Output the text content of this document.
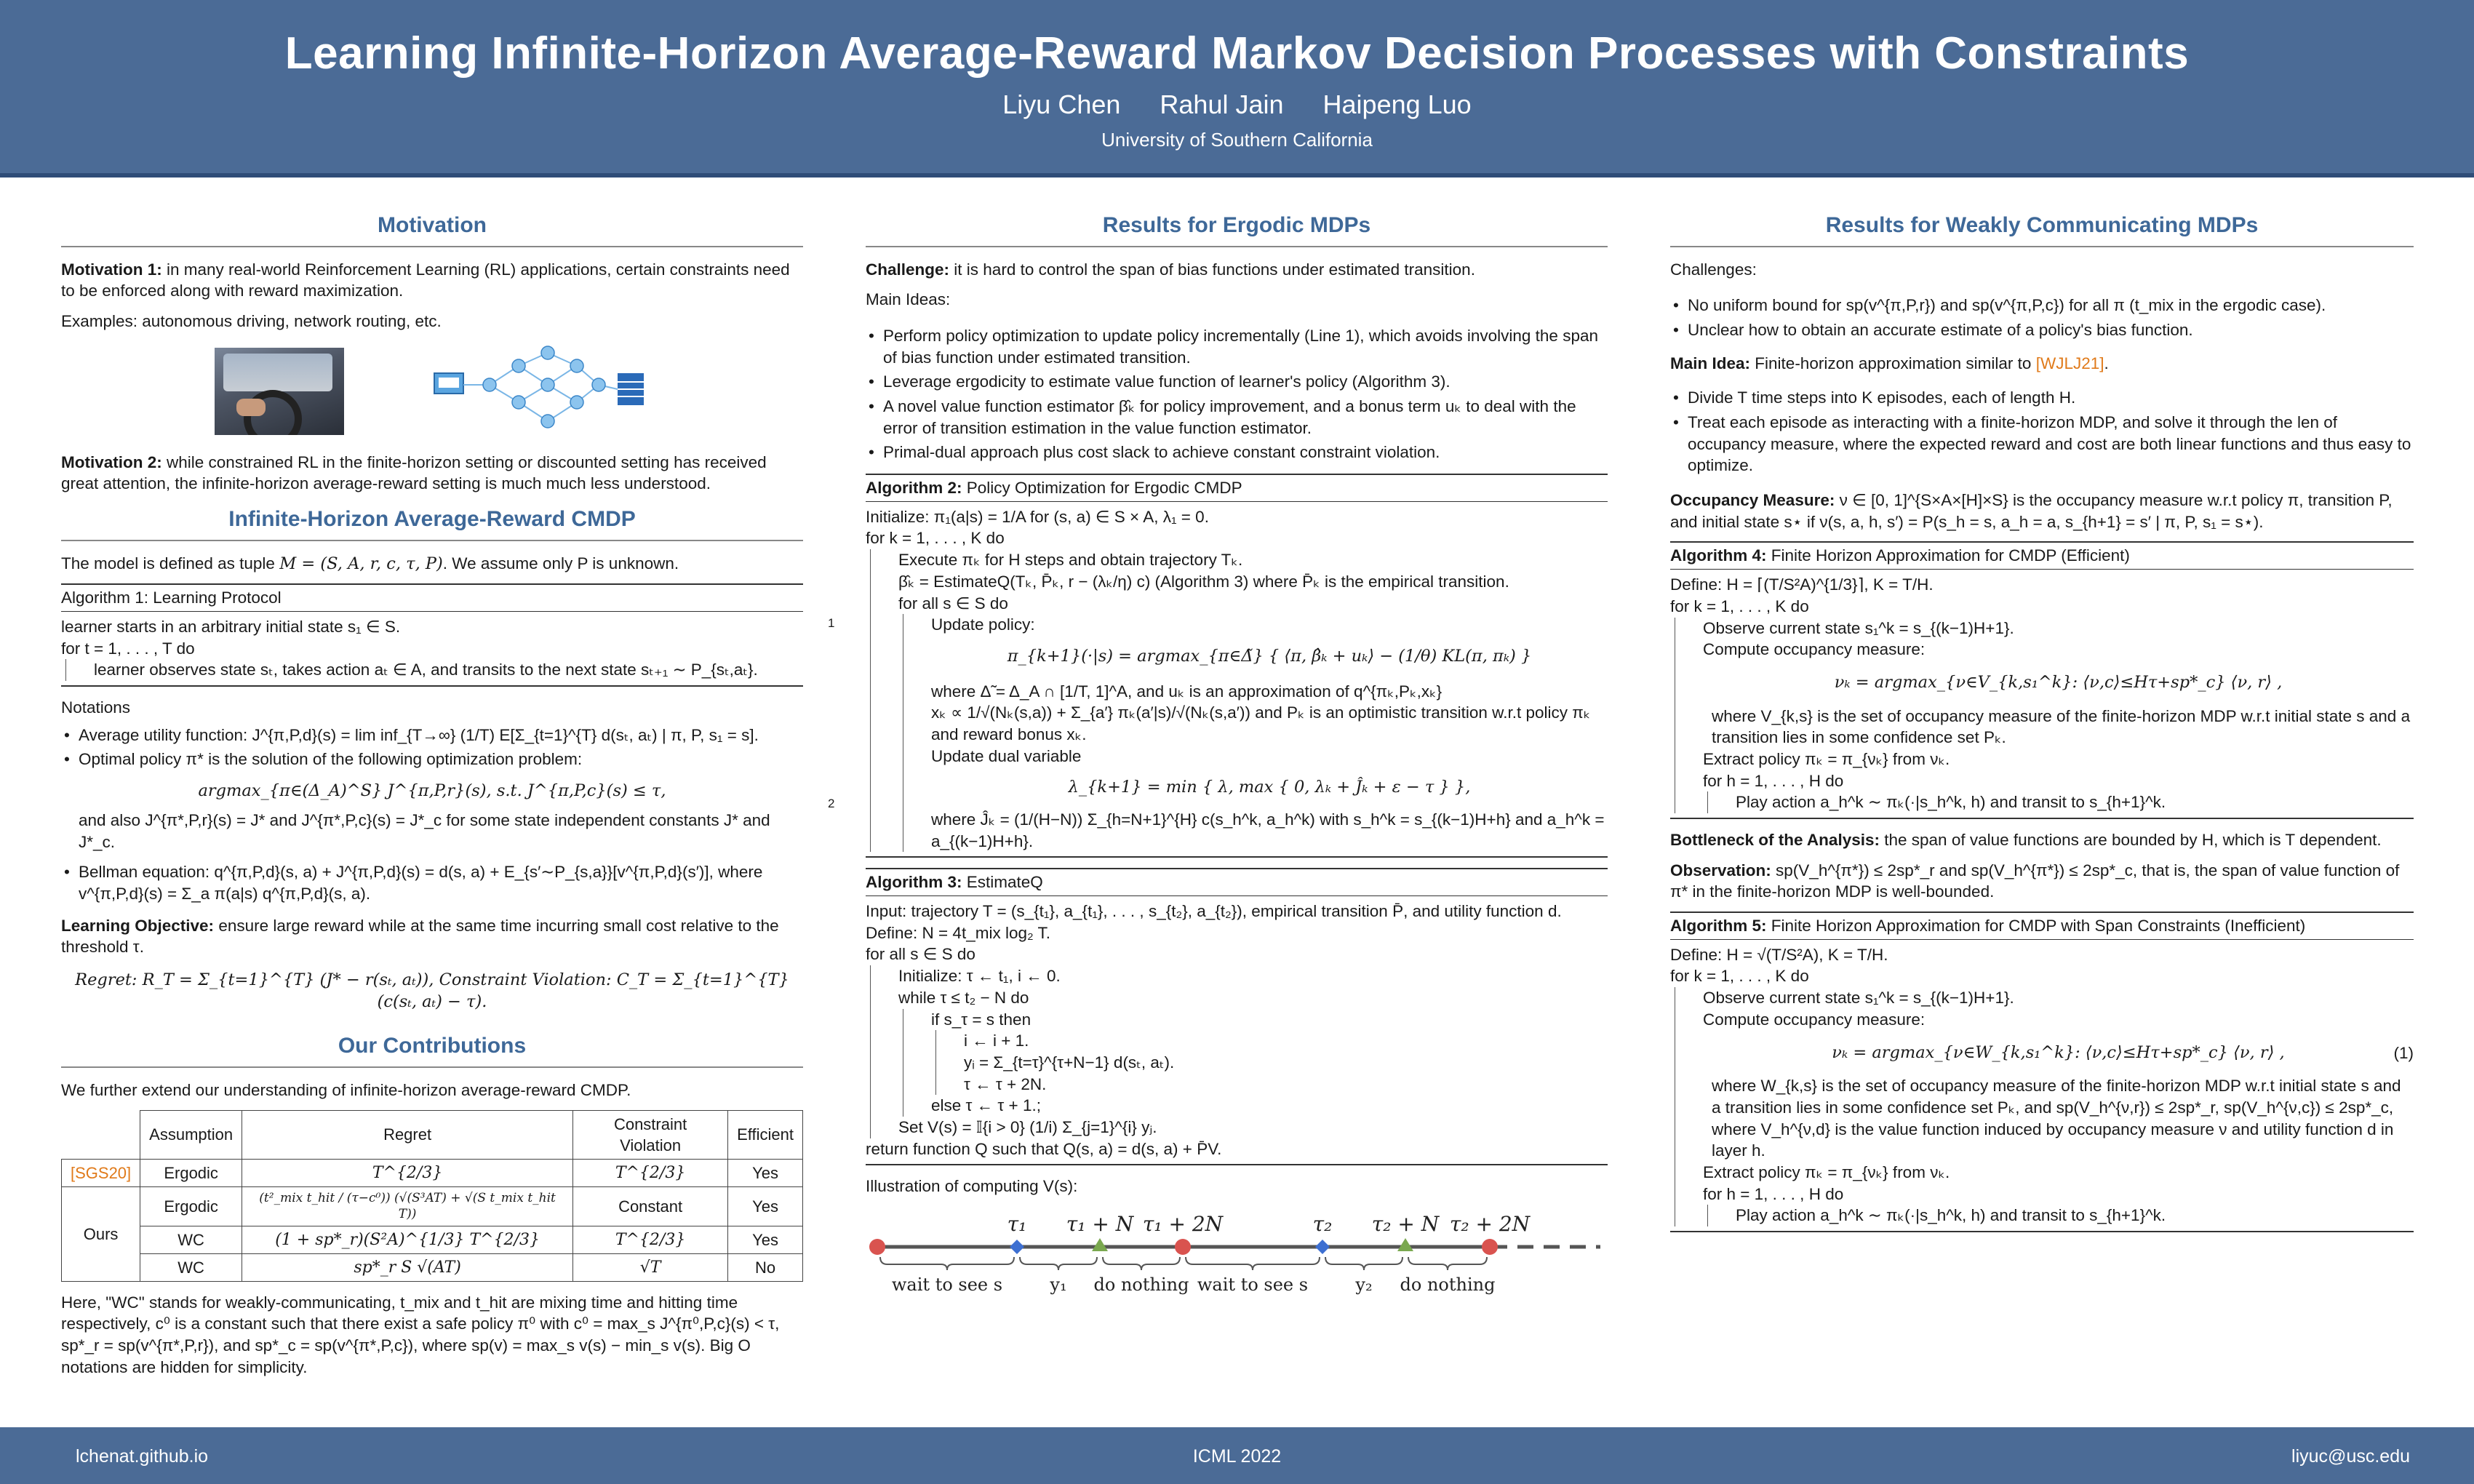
Learning Infinite-Horizon Average-Reward Markov Decision Processes with Constraints
Liyu Chen Rahul Jain Haipeng Luo
University of Southern California
Motivation

Motivation 1: in many real-world Reinforcement Learning (RL) applications, certain constraints need to be enforced along with reward maximization.

Examples: autonomous driving, network routing, etc.

Motivation 2: while constrained RL in the finite-horizon setting or discounted setting has received great attention, the infinite-horizon average-reward setting is much much less understood.

Infinite-Horizon Average-Reward CMDP

The model is defined as tuple M = (S, A, r, c, τ, P). We assume only P is unknown.

Algorithm 1: Learning Protocol
learner starts in an arbitrary initial state s₁ ∈ S.
for t = 1, . . . , T do
learner observes state sₜ, takes action aₜ ∈ A, and transits to the next state sₜ₊₁ ∼ P_{sₜ,aₜ}.

Notations

• Average utility function: J^{π,P,d}(s) = lim inf_{T→∞} (1/T) E[Σ_{t=1}^{T} d(sₜ, aₜ) | π, P, s₁ = s].
• Optimal policy π* is the solution of the following optimization problem:
argmax_{π∈(Δ_A)^S} J^{π,P,r}(s), s.t. J^{π,P,c}(s) ≤ τ,

and also J^{π*,P,r}(s) = J* and J^{π*,P,c}(s) = J*_c for some state independent constants J* and J*_c.

• Bellman equation: q^{π,P,d}(s, a) + J^{π,P,d}(s) = d(s, a) + E_{s′∼P_{s,a}}[v^{π,P,d}(s′)], where v^{π,P,d}(s) = Σ_a π(a|s) q^{π,P,d}(s, a).

Learning Objective: ensure large reward while at the same time incurring small cost relative to the threshold τ.

Regret: R_T = Σ_{t=1}^{T} (J* − r(sₜ, aₜ)), Constraint Violation: C_T = Σ_{t=1}^{T} (c(sₜ, aₜ) − τ).
Our Contributions

We further extend our understanding of infinite-horizon average-reward CMDP.

	Assumption	Regret	Constraint Violation	Efficient
[SGS20]	Ergodic	T^{2/3}	T^{2/3}	Yes
Ours	Ergodic	(t²_mix t_hit / (τ−c⁰)) (√(S³AT) + √(S t_mix t_hit T))	Constant	Yes
	WC	(1 + sp*_r)(S²A)^{1/3} T^{2/3}	T^{2/3}	Yes
	WC	sp*_r S √(AT)	√T	No

Here, "WC" stands for weakly-communicating, t_mix and t_hit are mixing time and hitting time respectively, c⁰ is a constant such that there exist a safe policy π⁰ with c⁰ = max_s J^{π⁰,P,c}(s) < τ, sp*_r = sp(v^{π*,P,r}), and sp*_c = sp(v^{π*,P,c}), where sp(v) = max_s v(s) − min_s v(s). Big O notations are hidden for simplicity.

Results for Ergodic MDPs

Challenge: it is hard to control the span of bias functions under estimated transition.

Main Ideas:

• Perform policy optimization to update policy incrementally (Line 1), which avoids involving the span of bias function under estimated transition.
• Leverage ergodicity to estimate value function of learner's policy (Algorithm 3).
• A novel value function estimator β̂ₖ for policy improvement, and a bonus term uₖ to deal with the error of transition estimation in the value function estimator.
• Primal-dual approach plus cost slack to achieve constant constraint violation.
Algorithm 2: Policy Optimization for Ergodic CMDP
Initialize: π₁(a|s) = 1/A for (s, a) ∈ S × A, λ₁ = 0.
for k = 1, . . . , K do
Execute πₖ for H steps and obtain trajectory Tₖ.
β̂ₖ = EstimateQ(Tₖ, P̄ₖ, r − (λₖ/η) c) (Algorithm 3) where P̄ₖ is the empirical transition.
for all s ∈ S do
1	Update policy:
π_{k+1}(·|s) = argmax_{π∈Δ̃} { ⟨π, β̂ₖ + uₖ⟩ − (1/θ) KL(π, πₖ) }
where Δ̃ = Δ_A ∩ [1/T, 1]^A, and uₖ is an approximation of q^{πₖ,Pₖ,xₖ}
xₖ ∝ 1/√(Nₖ(s,a)) + Σ_{a′} πₖ(a′|s)/√(Nₖ(s,a′)) and Pₖ is an optimistic transition w.r.t policy πₖ and reward bonus xₖ.
2
Update dual variable
λ_{k+1} = min { λ, max { 0, λₖ + Ĵₖ + ε − τ } },
where Ĵₖ = (1/(H−N)) Σ_{h=N+1}^{H} c(s_h^k, a_h^k) with s_h^k = s_{(k−1)H+h} and a_h^k = a_{(k−1)H+h}.
Algorithm 3: EstimateQ
Input: trajectory T = (s_{t₁}, a_{t₁}, . . . , s_{t₂}, a_{t₂}), empirical transition P̄, and utility function d.
Define: N = 4t_mix log₂ T.
for all s ∈ S do
Initialize: τ ← t₁, i ← 0.
while τ ≤ t₂ − N do
if s_τ = s then
i ← i + 1.
yᵢ = Σ_{t=τ}^{τ+N−1} d(sₜ, aₜ).
τ ← τ + 2N.
else τ ← τ + 1.;
Set V(s) = 𝕀{i > 0} (1/i) Σ_{j=1}^{i} yⱼ.
return function Q such that Q(s, a) = d(s, a) + P̄V.

Illustration of computing V(s):

τ₁ τ₁ + N τ₁ + 2N	τ₂ τ₂ + N τ₂ + 2N
wait to see s	y₁ do nothing wait to see s	y₂ do nothing
Results for Weakly Communicating MDPs

Challenges:

• No uniform bound for sp(v^{π,P,r}) and sp(v^{π,P,c}) for all π (t_mix in the ergodic case).
• Unclear how to obtain an accurate estimate of a policy's bias function.

Main Idea: Finite-horizon approximation similar to [WJLJ21].

• Divide T time steps into K episodes, each of length H.
• Treat each episode as interacting with a finite-horizon MDP, and solve it through the len of occupancy measure, where the expected reward and cost are both linear functions and thus easy to optimize.

Occupancy Measure: ν ∈ [0, 1]^{S×A×[H]×S} is the occupancy measure w.r.t policy π, transition P, and initial state s⋆ if ν(s, a, h, s′) = P(s_h = s, a_h = a, s_{h+1} = s′ | π, P, s₁ = s⋆).

Algorithm 4: Finite Horizon Approximation for CMDP (Efficient)
Define: H = ⌈(T/S²A)^{1/3}⌉, K = T/H.
for k = 1, . . . , K do
Observe current state s₁^k = s_{(k−1)H+1}.
Compute occupancy measure:
νₖ = argmax_{ν∈V_{k,s₁^k}: ⟨ν,c⟩≤Hτ+sp*_c} ⟨ν, r⟩ ,
where V_{k,s} is the set of occupancy measure of the finite-horizon MDP w.r.t initial state s and a transition lies in some confidence set Pₖ.
Extract policy πₖ = π_{νₖ} from νₖ.
for h = 1, . . . , H do
Play action a_h^k ∼ πₖ(·|s_h^k, h) and transit to s_{h+1}^k.

Bottleneck of the Analysis: the span of value functions are bounded by H, which is T dependent.

Observation: sp(V_h^{π*}) ≤ 2sp*_r and sp(V_h^{π*}) ≤ 2sp*_c, that is, the span of value function of π* in the finite-horizon MDP is well-bounded.

Algorithm 5: Finite Horizon Approximation for CMDP with Span Constraints (Inefficient)
Define: H = √(T/S²A), K = T/H.
for k = 1, . . . , K do
Observe current state s₁^k = s_{(k−1)H+1}.
Compute occupancy measure:
νₖ = argmax_{ν∈W_{k,s₁^k}: ⟨ν,c⟩≤Hτ+sp*_c} ⟨ν, r⟩ ,	(1)
where W_{k,s} is the set of occupancy measure of the finite-horizon MDP w.r.t initial state s and a transition lies in some confidence set Pₖ, and sp(V_h^{ν,r}) ≤ 2sp*_r, sp(V_h^{ν,c}) ≤ 2sp*_c, where V_h^{ν,d} is the value function induced by occupancy measure ν and utility function d in layer h.
Extract policy πₖ = π_{νₖ} from νₖ.
for h = 1, . . . , H do
Play action a_h^k ∼ πₖ(·|s_h^k, h) and transit to s_{h+1}^k.
lchenat.github.io	ICML 2022	liyuc@usc.edu
